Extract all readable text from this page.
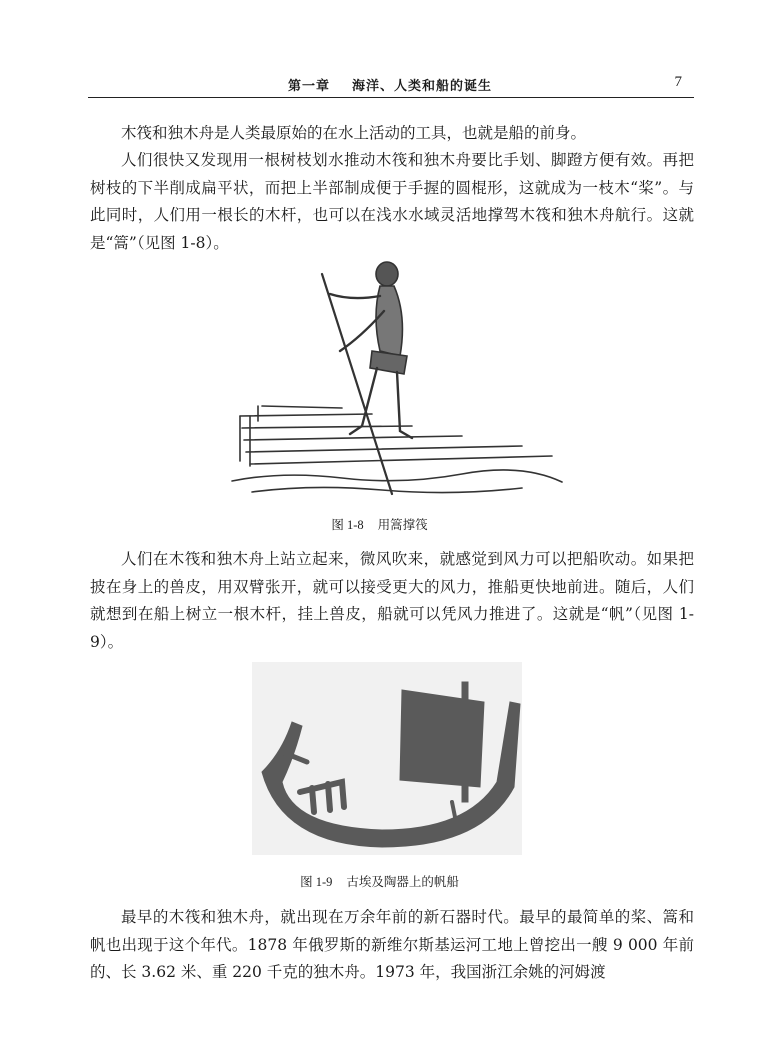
第一章 海洋、人类和船的诞生	7

木筏和独木舟是人类最原始的在水上活动的工具，也就是船的前身。

人们很快又发现用一根树枝划水推动木筏和独木舟要比手划、脚蹬方便有效。再把树枝的下半削成扁平状，而把上半部制成便于手握的圆棍形，这就成为一枝木“桨”。与此同时，人们用一根长的木杆，也可以在浅水水域灵活地撑驾木筏和独木舟航行。这就是“篙”（见图 1-8）。

图 1-8 用篙撑筏

人们在木筏和独木舟上站立起来，微风吹来，就感觉到风力可以把船吹动。如果把披在身上的兽皮，用双臂张开，就可以接受更大的风力，推船更快地前进。随后，人们就想到在船上树立一根木杆，挂上兽皮，船就可以凭风力推进了。这就是“帆”（见图 1-9）。

图 1-9 古埃及陶器上的帆船

最早的木筏和独木舟，就出现在万余年前的新石器时代。最早的最简单的桨、篙和帆也出现于这个年代。1878 年俄罗斯的新维尔斯基运河工地上曾挖出一艘 9 000 年前的、长 3.62 米、重 220 千克的独木舟。1973 年，我国浙江余姚的河姆渡
